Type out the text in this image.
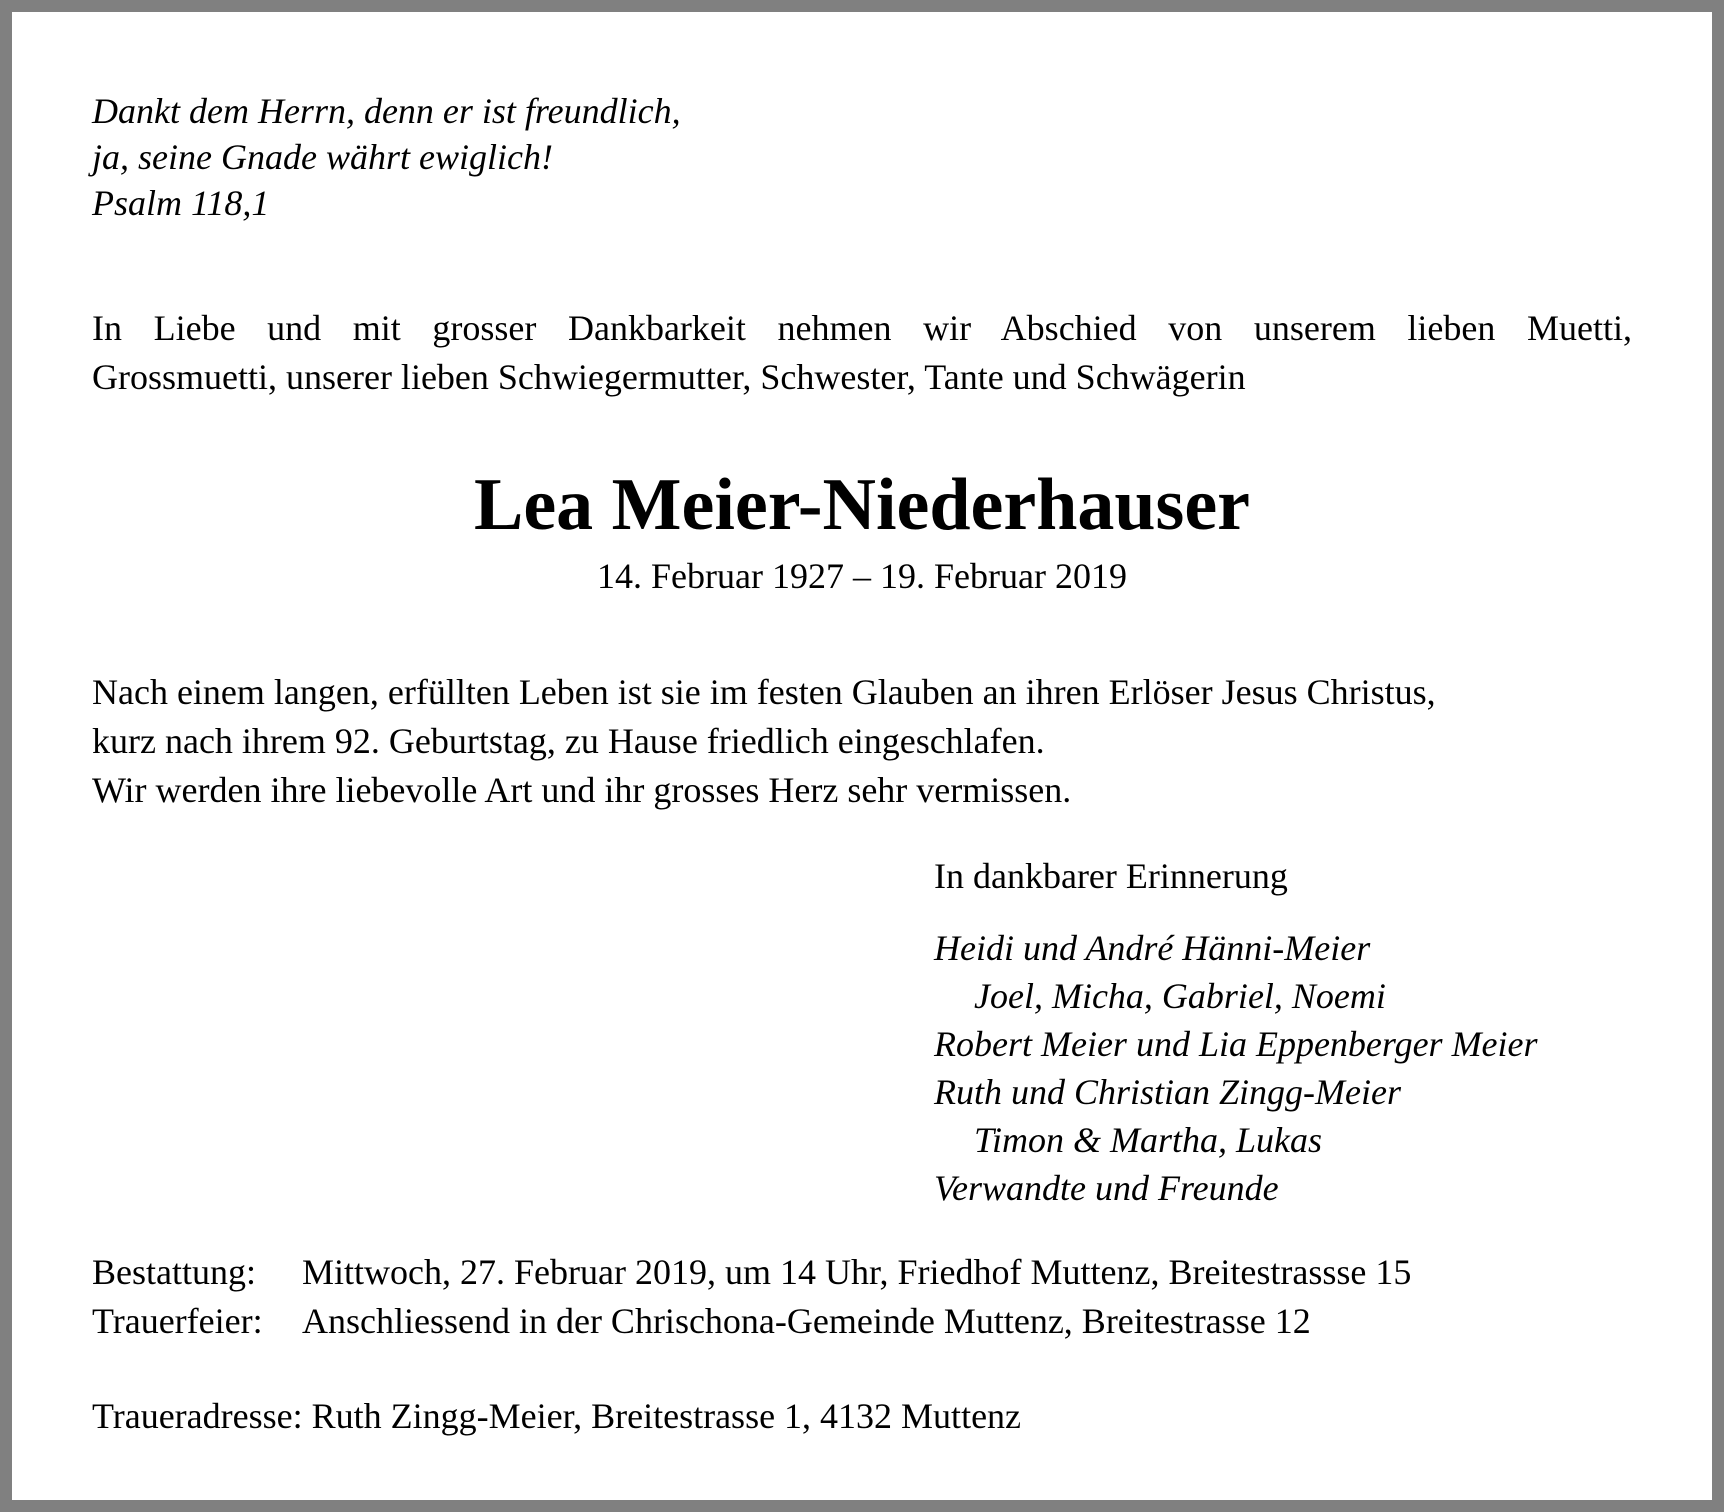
Dankt dem Herrn, denn er ist freundlich,
ja, seine Gnade währt ewiglich!
Psalm 118,1
In Liebe und mit grosser Dankbarkeit nehmen wir Abschied von unserem lieben Muetti,
Grossmuetti, unserer lieben Schwiegermutter, Schwester, Tante und Schwägerin
Lea Meier-Niederhauser
14. Februar 1927 – 19. Februar 2019
Nach einem langen, erfüllten Leben ist sie im festen Glauben an ihren Erlöser Jesus Christus,
kurz nach ihrem 92. Geburtstag, zu Hause friedlich eingeschlafen.
Wir werden ihre liebevolle Art und ihr grosses Herz sehr vermissen.
In dankbarer Erinnerung
Heidi und André Hänni-Meier
Joel, Micha, Gabriel, Noemi
Robert Meier und Lia Eppenberger Meier
Ruth und Christian Zingg-Meier
Timon & Martha, Lukas
Verwandte und Freunde
Bestattung: Mittwoch, 27. Februar 2019, um 14 Uhr, Friedhof Muttenz, Breitestrassse 15
Trauerfeier: Anschliessend in der Chrischona-Gemeinde Muttenz, Breitestrasse 12
Traueradresse: Ruth Zingg-Meier, Breitestrasse 1, 4132 Muttenz
